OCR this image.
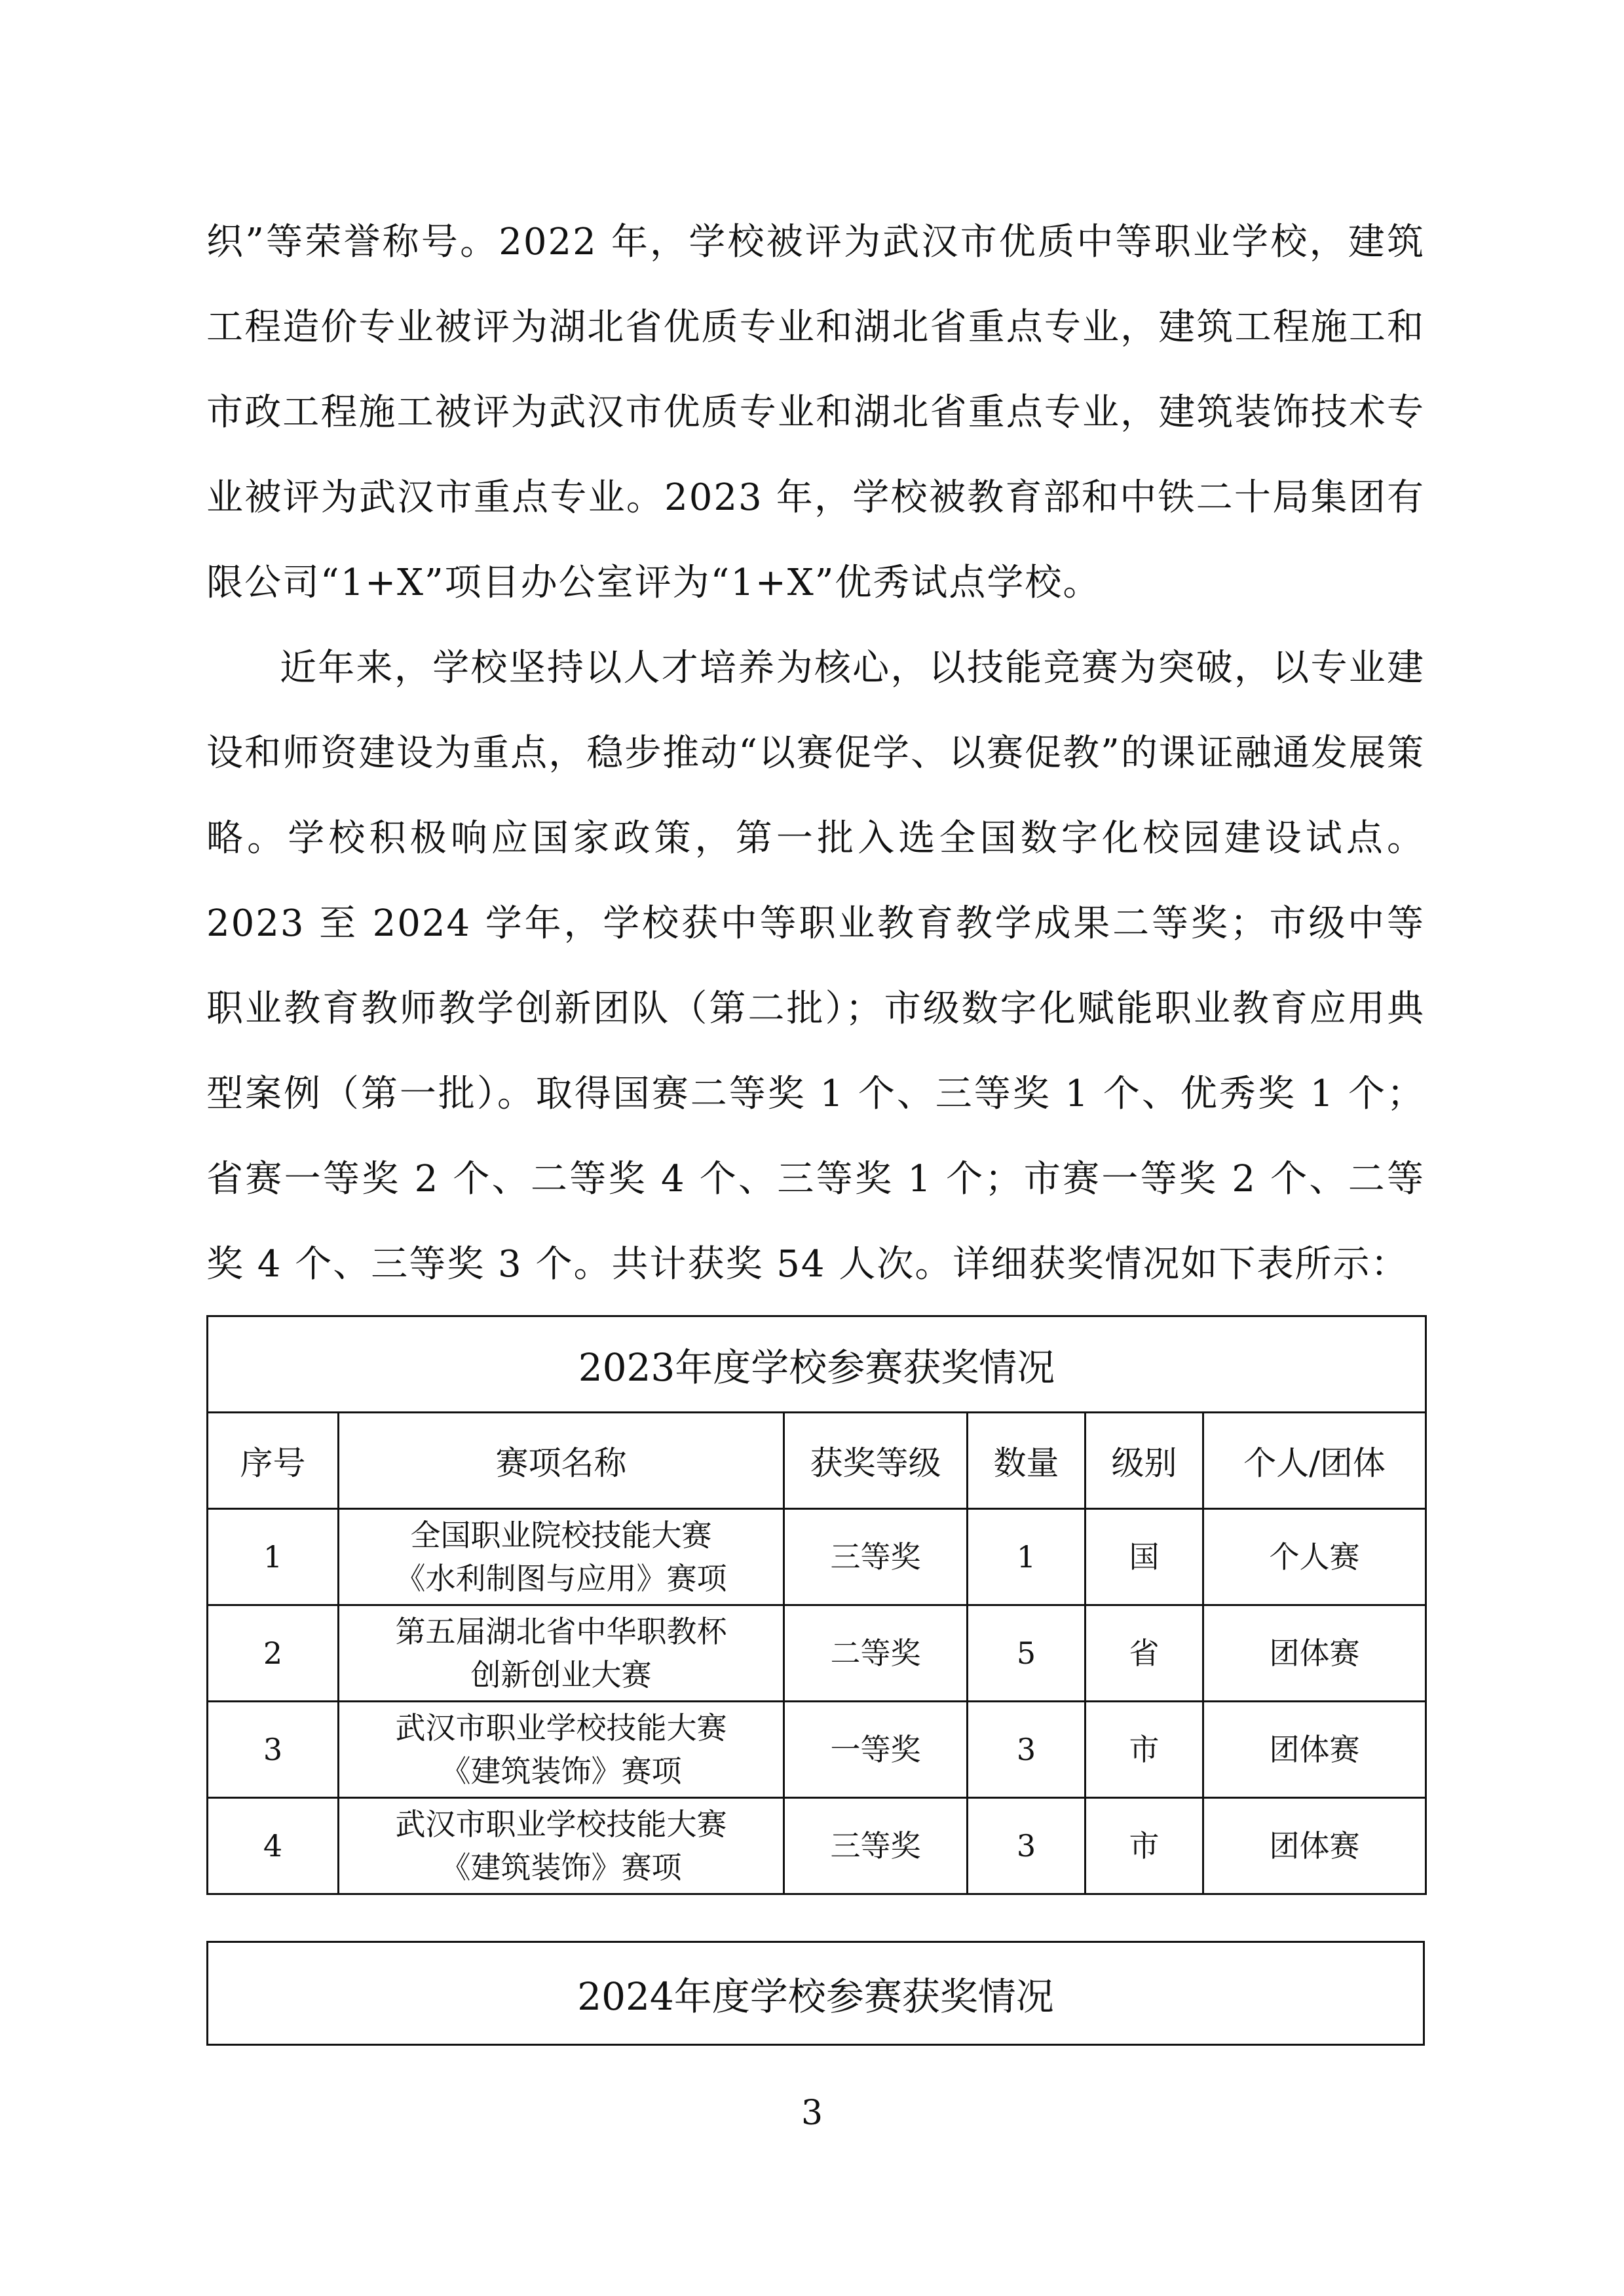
织”等荣誉称号。2022 年，学校被评为武汉市优质中等职业学校，建筑工程造价专业被评为湖北省优质专业和湖北省重点专业，建筑工程施工和市政工程施工被评为武汉市优质专业和湖北省重点专业，建筑装饰技术专业被评为武汉市重点专业。2023 年，学校被教育部和中铁二十局集团有限公司“1+X”项目办公室评为“1+X”优秀试点学校。

近年来，学校坚持以人才培养为核心，以技能竞赛为突破，以专业建设和师资建设为重点，稳步推动“以赛促学、以赛促教”的课证融通发展策略。学校积极响应国家政策，第一批入选全国数字化校园建设试点。2023 至 2024 学年，学校获中等职业教育教学成果二等奖；市级中等职业教育教师教学创新团队（第二批）；市级数字化赋能职业教育应用典型案例（第一批）。取得国赛二等奖 1 个、三等奖 1 个、优秀奖 1 个；省赛一等奖 2 个、二等奖 4 个、三等奖 1 个；市赛一等奖 2 个、二等奖 4 个、三等奖 3 个。共计获奖 54 人次。详细获奖情况如下表所示：

2023年度学校参赛获奖情况					
序号	赛项名称	获奖等级	数量	级别	个人/团体
1	全国职业院校技能大赛
《水利制图与应用》赛项	三等奖	1	国	个人赛
2	第五届湖北省中华职教杯
创新创业大赛	二等奖	5	省	团体赛
3	武汉市职业学校技能大赛
《建筑装饰》赛项	一等奖	3	市	团体赛
4	武汉市职业学校技能大赛
《建筑装饰》赛项	三等奖	3	市	团体赛
2024年度学校参赛获奖情况
3
